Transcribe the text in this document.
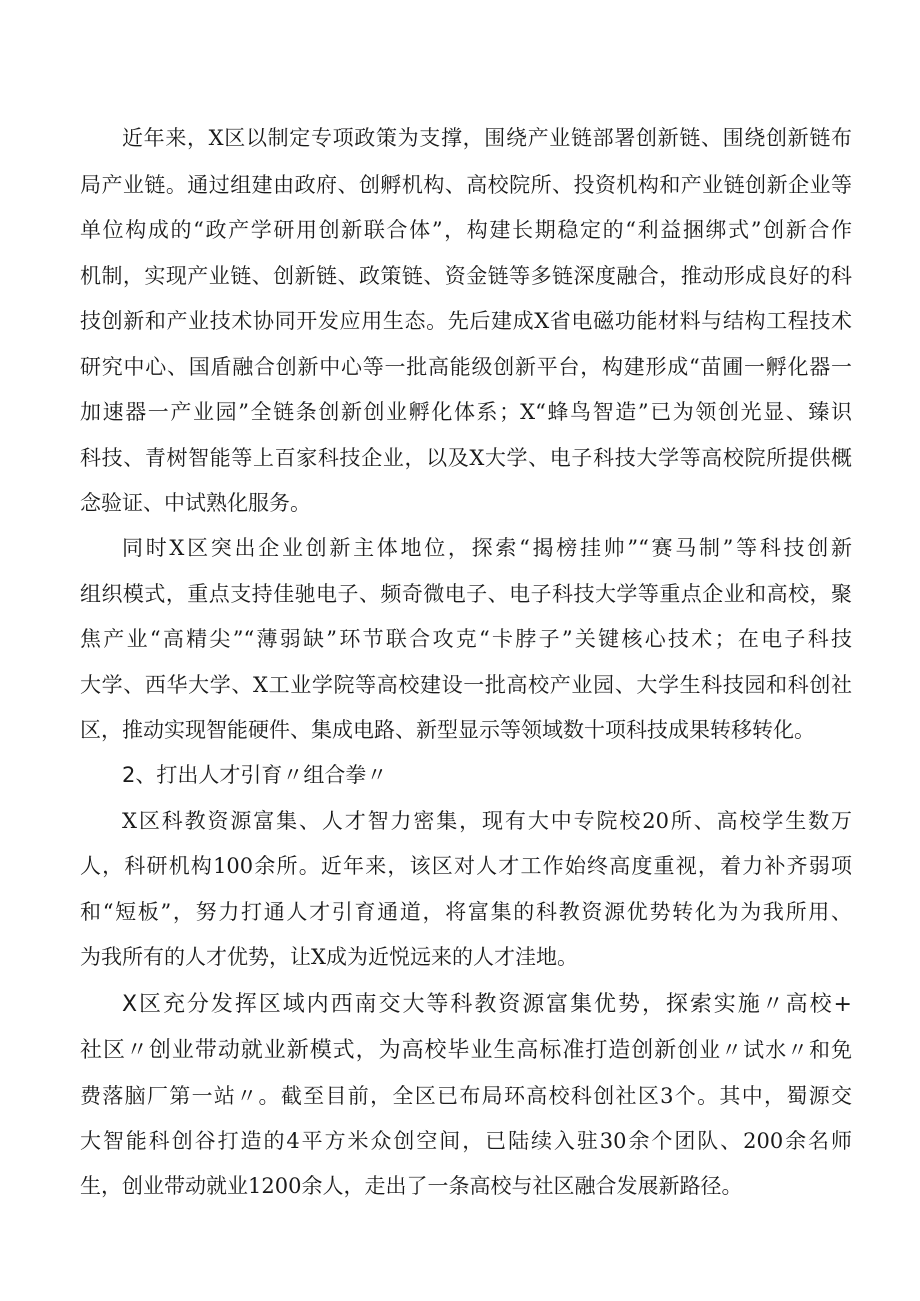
近年来，X区以制定专项政策为支撑，围绕产业链部署创新链、围绕创新链布
局产业链。通过组建由政府、创孵机构、高校院所、投资机构和产业链创新企业等
单位构成的“政产学研用创新联合体”，构建长期稳定的“利益捆绑式”创新合作
机制，实现产业链、创新链、政策链、资金链等多链深度融合，推动形成良好的科
技创新和产业技术协同开发应用生态。先后建成X省电磁功能材料与结构工程技术
研究中心、国盾融合创新中心等一批高能级创新平台，构建形成“苗圃一孵化器一
加速器一产业园”全链条创新创业孵化体系；X“蜂鸟智造”已为领创光显、臻识
科技、青树智能等上百家科技企业，以及X大学、电子科技大学等高校院所提供概
念验证、中试熟化服务。
同时X区突出企业创新主体地位，探索“揭榜挂帅”“赛马制”等科技创新
组织模式，重点支持佳驰电子、频奇微电子、电子科技大学等重点企业和高校，聚
焦产业“高精尖”“薄弱缺”环节联合攻克“卡脖子”关键核心技术；在电子科技
大学、西华大学、X工业学院等高校建设一批高校产业园、大学生科技园和科创社
区，推动实现智能硬件、集成电路、新型显示等领域数十项科技成果转移转化。
2、打出人才引育〃组合拳〃
X区科教资源富集、人才智力密集，现有大中专院校20所、高校学生数万
人，科研机构100余所。近年来，该区对人才工作始终高度重视，着力补齐弱项
和“短板”，努力打通人才引育通道，将富集的科教资源优势转化为为我所用、
为我所有的人才优势，让X成为近悦远来的人才洼地。
X区充分发挥区域内西南交大等科教资源富集优势，探索实施〃高校+
社区〃创业带动就业新模式，为高校毕业生高标准打造创新创业〃试水〃和免
费落脑厂第一站〃。截至目前，全区已布局环高校科创社区3个。其中，蜀源交
大智能科创谷打造的4平方米众创空间，已陆续入驻30余个团队、200余名师
生，创业带动就业1200余人，走出了一条高校与社区融合发展新路径。
